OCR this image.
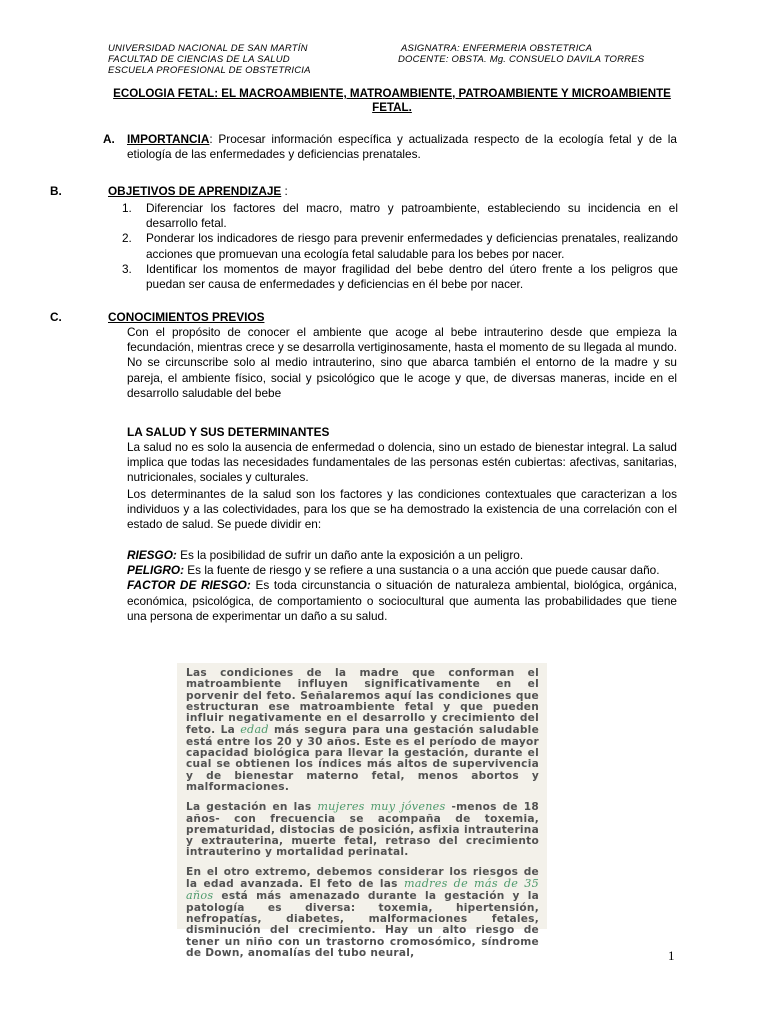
UNIVERSIDAD NACIONAL DE SAN MARTÍN
FACULTAD DE CIENCIAS DE LA SALUD
ESCUELA PROFESIONAL DE OBSTETRICIA
ASIGNATRA: ENFERMERIA OBSTETRICA
DOCENTE: OBSTA. Mg. CONSUELO DAVILA TORRES
ECOLOGIA FETAL: EL MACROAMBIENTE, MATROAMBIENTE, PATROAMBIENTE Y MICROAMBIENTE FETAL.
A. IMPORTANCIA: Procesar información específica y actualizada respecto de la ecología fetal y de la etiología de las enfermedades y deficiencias prenatales.
B.	OBJETIVOS DE APRENDIZAJE :
1.	Diferenciar los factores del macro, matro y patroambiente, estableciendo su incidencia en el desarrollo fetal.
2.	Ponderar los indicadores de riesgo para prevenir enfermedades y deficiencias prenatales, realizando acciones que promuevan una ecología fetal saludable para los bebes por nacer.
3.	Identificar los momentos de mayor fragilidad del bebe dentro del útero frente a los peligros que puedan ser causa de enfermedades y deficiencias en él bebe por nacer.
C.	CONOCIMIENTOS PREVIOS
Con el propósito de conocer el ambiente que acoge al bebe intrauterino desde que empieza la fecundación, mientras crece y se desarrolla vertiginosamente, hasta el momento de su llegada al mundo. No se circunscribe solo al medio intrauterino, sino que abarca también el entorno de la madre y su pareja, el ambiente físico, social y psicológico que le acoge y que, de diversas maneras, incide en el desarrollo saludable del bebe
LA SALUD Y SUS DETERMINANTES
La salud no es solo la ausencia de enfermedad o dolencia, sino un estado de bienestar integral. La salud implica que todas las necesidades fundamentales de las personas estén cubiertas: afectivas, sanitarias, nutricionales, sociales y culturales.
Los determinantes de la salud son los factores y las condiciones contextuales que caracterizan a los individuos y a las colectividades, para los que se ha demostrado la existencia de una correlación con el estado de salud. Se puede dividir en:
RIESGO: Es la posibilidad de sufrir un daño ante la exposición a un peligro.
PELIGRO: Es la fuente de riesgo y se refiere a una sustancia o a una acción que puede causar daño.
FACTOR DE RIESGO: Es toda circunstancia o situación de naturaleza ambiental, biológica, orgánica, económica, psicológica, de comportamiento o sociocultural que aumenta las probabilidades que tiene una persona de experimentar un daño a su salud.

Las condiciones de la madre que conforman el matroambiente influyen significativamente en el porvenir del feto. Señalaremos aquí las condiciones que estructuran ese matroambiente fetal y que pueden influir negativamente en el desarrollo y crecimiento del feto. La edad más segura para una gestación saludable está entre los 20 y 30 años. Este es el período de mayor capacidad biológica para llevar la gestación, durante el cual se obtienen los índices más altos de supervivencia y de bienestar materno fetal, menos abortos y malformaciones.

La gestación en las mujeres muy jóvenes -menos de 18 años- con frecuencia se acompaña de toxemia, prematuridad, distocias de posición, asfixia intrauterina y extrauterina, muerte fetal, retraso del crecimiento intrauterino y mortalidad perinatal.

En el otro extremo, debemos considerar los riesgos de la edad avanzada. El feto de las madres de más de 35 años está más amenazado durante la gestación y la patología es diversa: toxemia, hipertensión, nefropatías, diabetes, malformaciones fetales, disminución del crecimiento. Hay un alto riesgo de tener un niño con un trastorno cromosómico, síndrome de Down, anomalías del tubo neural,	1
